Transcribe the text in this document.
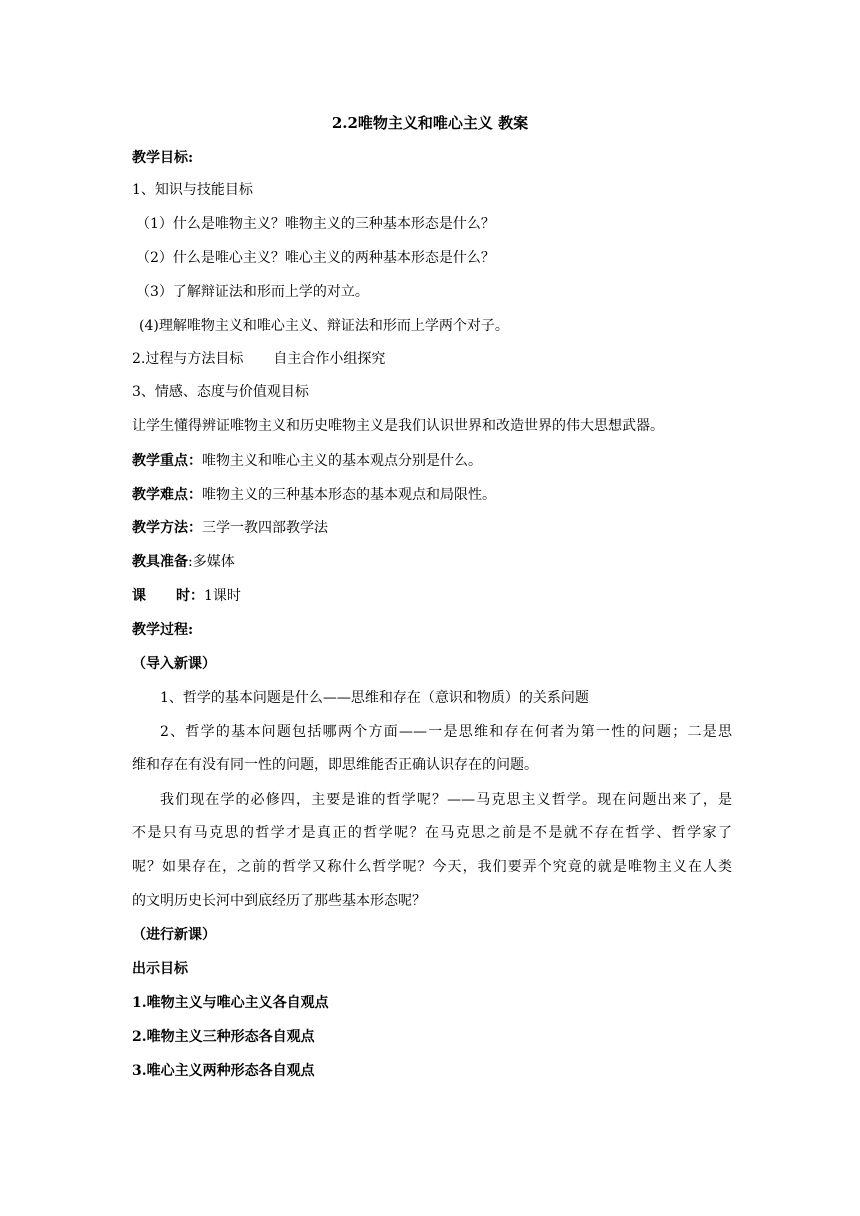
2.2唯物主义和唯心主义 教案
教学目标:
1、知识与技能目标
（1）什么是唯物主义？唯物主义的三种基本形态是什么？
（2）什么是唯心主义？唯心主义的两种基本形态是什么？
（3）了解辩证法和形而上学的对立。
(4)理解唯物主义和唯心主义、辩证法和形而上学两个对子。
2.过程与方法目标 自主合作小组探究
3、情感、态度与价值观目标
让学生懂得辨证唯物主义和历史唯物主义是我们认识世界和改造世界的伟大思想武器。
教学重点：唯物主义和唯心主义的基本观点分别是什么。
教学难点：唯物主义的三种基本形态的基本观点和局限性。
教学方法：三学一教四部教学法
教具准备:多媒体
课 时：1课时
教学过程:
（导入新课）
1、哲学的基本问题是什么——思维和存在（意识和物质）的关系问题
2、哲学的基本问题包括哪两个方面——一是思维和存在何者为第一性的问题；二是思
维和存在有没有同一性的问题，即思维能否正确认识存在的问题。
我们现在学的必修四，主要是谁的哲学呢？——马克思主义哲学。现在问题出来了，是
不是只有马克思的哲学才是真正的哲学呢？在马克思之前是不是就不存在哲学、哲学家了
呢？如果存在，之前的哲学又称什么哲学呢？今天，我们要弄个究竟的就是唯物主义在人类
的文明历史长河中到底经历了那些基本形态呢？
（进行新课）
出示目标
1.唯物主义与唯心主义各自观点
2.唯物主义三种形态各自观点
3.唯心主义两种形态各自观点
